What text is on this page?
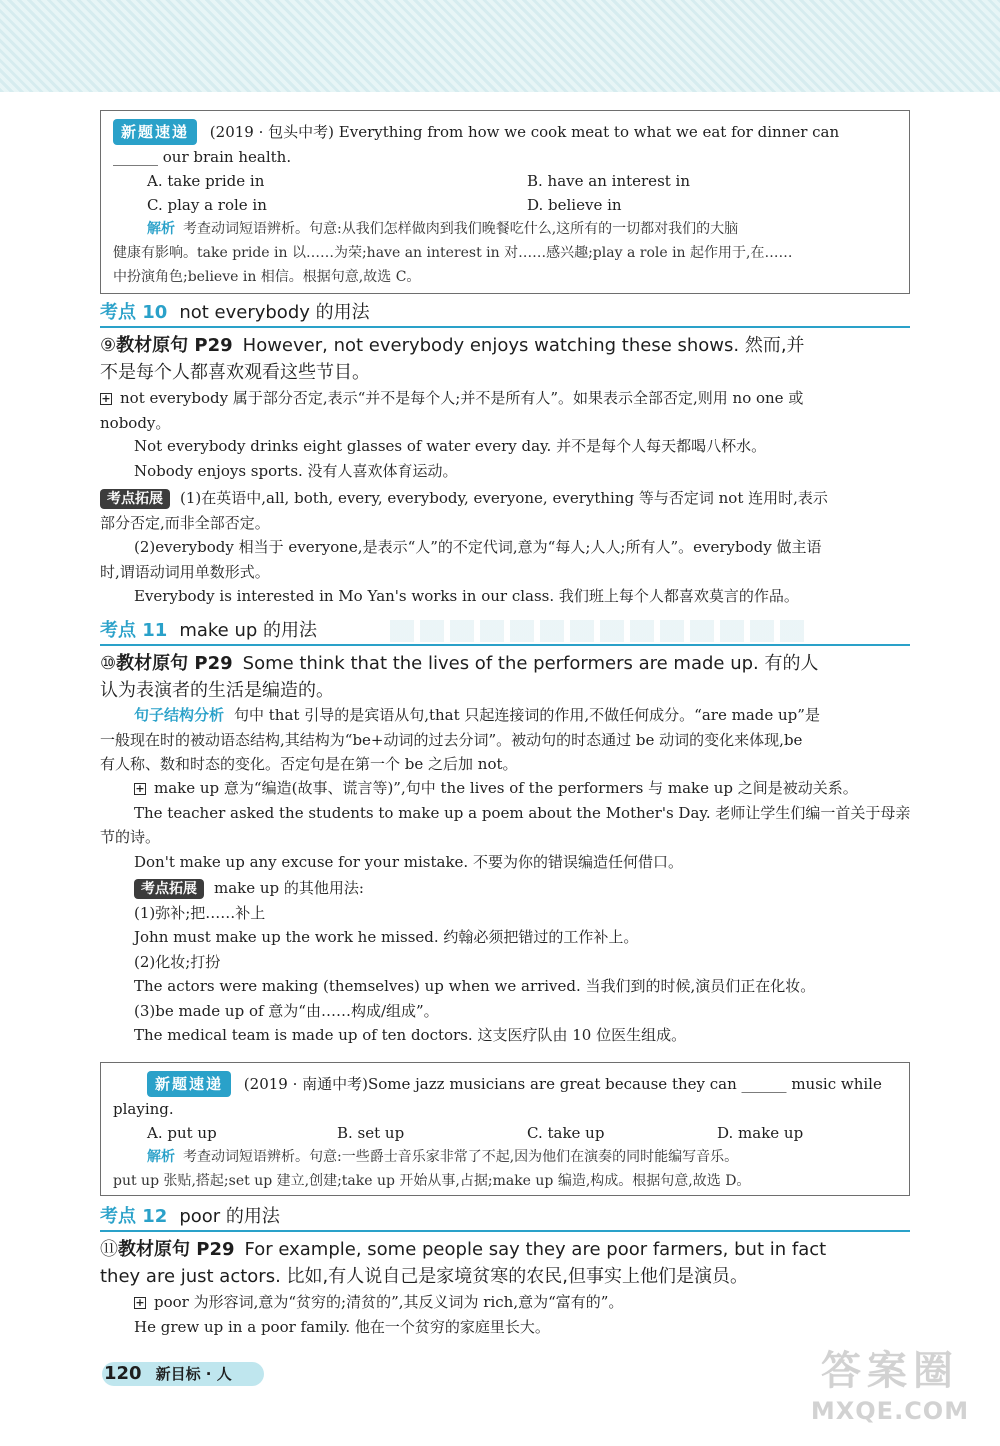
新题速递 (2019 · 包头中考) Everything from how we cook meat to what we eat for dinner can
______ our brain health.
A. take pride in	B. have an interest in
C. play a role in	D. believe in
解析 考查动词短语辨析。句意:从我们怎样做肉到我们晚餐吃什么,这所有的一切都对我们的大脑
健康有影响。take pride in 以……为荣;have an interest in 对……感兴趣;play a role in 起作用于,在……
中扮演角色;believe in 相信。根据句意,故选 C。
考点 10 not everybody 的用法
⑨教材原句 P29 However, not everybody enjoys watching these shows. 然而,并
不是每个人都喜欢观看这些节目。
+ not everybody 属于部分否定,表示“并不是每个人;并不是所有人”。如果表示全部否定,则用 no one 或
nobody。
Not everybody drinks eight glasses of water every day. 并不是每个人每天都喝八杯水。
Nobody enjoys sports. 没有人喜欢体育运动。
考点拓展 (1)在英语中,all, both, every, everybody, everyone, everything 等与否定词 not 连用时,表示
部分否定,而非全部否定。
(2)everybody 相当于 everyone,是表示“人”的不定代词,意为“每人;人人;所有人”。everybody 做主语
时,谓语动词用单数形式。
Everybody is interested in Mo Yan's works in our class. 我们班上每个人都喜欢莫言的作品。
考点 11 make up 的用法
⑩教材原句 P29 Some think that the lives of the performers are made up. 有的人
认为表演者的生活是编造的。
句子结构分析 句中 that 引导的是宾语从句,that 只起连接词的作用,不做任何成分。“are made up”是
一般现在时的被动语态结构,其结构为“be+动词的过去分词”。被动句的时态通过 be 动词的变化来体现,be
有人称、数和时态的变化。否定句是在第一个 be 之后加 not。
+ make up 意为“编造(故事、谎言等)”,句中 the lives of the performers 与 make up 之间是被动关系。
The teacher asked the students to make up a poem about the Mother's Day. 老师让学生们编一首关于母亲
节的诗。
Don't make up any excuse for your mistake. 不要为你的错误编造任何借口。
考点拓展 make up 的其他用法:
(1)弥补;把……补上
John must make up the work he missed. 约翰必须把错过的工作补上。
(2)化妆;打扮
The actors were making (themselves) up when we arrived. 当我们到的时候,演员们正在化妆。
(3)be made up of 意为“由……构成/组成”。
The medical team is made up of ten doctors. 这支医疗队由 10 位医生组成。
新题速递 (2019 · 南通中考)Some jazz musicians are great because they can ______ music while
playing.
A. put up	B. set up	C. take up	D. make up
解析 考查动词短语辨析。句意:一些爵士音乐家非常了不起,因为他们在演奏的同时能编写音乐。
put up 张贴,搭起;set up 建立,创建;take up 开始从事,占据;make up 编造,构成。根据句意,故选 D。
考点 12 poor 的用法
⑪教材原句 P29 For example, some people say they are poor farmers, but in fact
they are just actors. 比如,有人说自己是家境贫寒的农民,但事实上他们是演员。
+ poor 为形容词,意为“贫穷的;清贫的”,其反义词为 rich,意为“富有的”。
He grew up in a poor family. 他在一个贫穷的家庭里长大。
120 新目标 · 人	答案圈
MXQE.COM
